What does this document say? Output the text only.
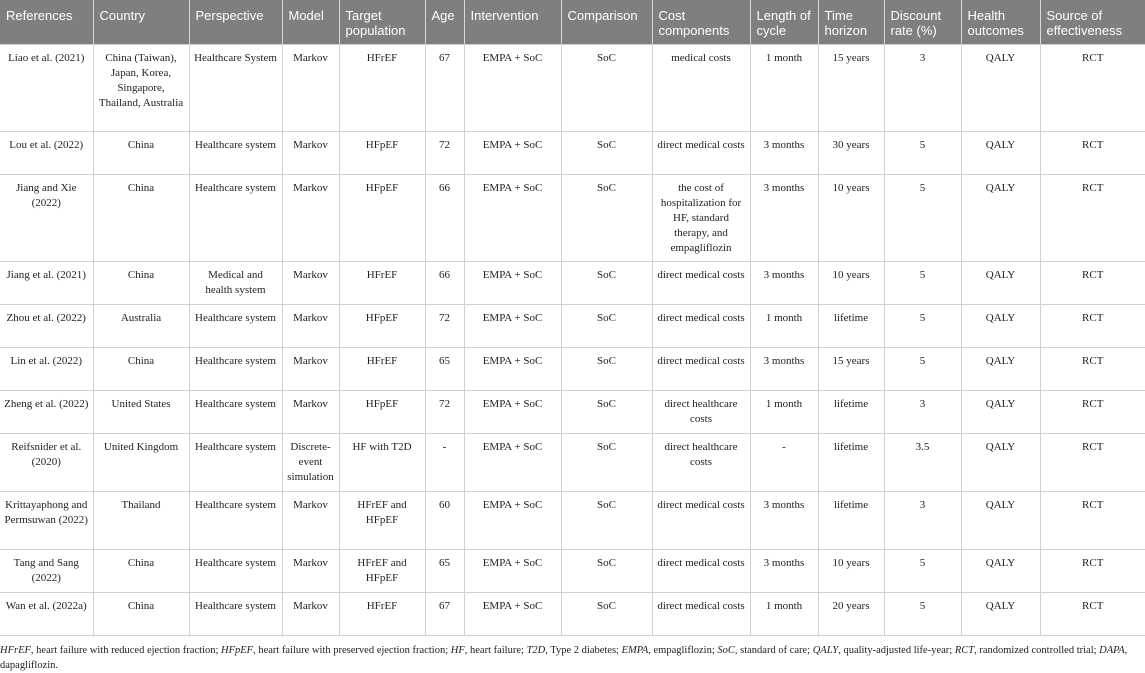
References	Country	Perspective	Model	Target population	Age	Intervention	Comparison	Cost components	Length of cycle	Time horizon	Discount rate (%)	Health outcomes	Source of effectiveness
Liao et al. (2021)	China (Taiwan), Japan, Korea, Singapore, Thailand, Australia	Healthcare System	Markov	HFrEF	67	EMPA + SoC	SoC	medical costs	1 month	15 years	3	QALY	RCT
Lou et al. (2022)	China	Healthcare system	Markov	HFpEF	72	EMPA + SoC	SoC	direct medical costs	3 months	30 years	5	QALY	RCT
Jiang and Xie (2022)	China	Healthcare system	Markov	HFpEF	66	EMPA + SoC	SoC	the cost of hospitalization for HF, standard therapy, and empagliflozin	3 months	10 years	5	QALY	RCT
Jiang et al. (2021)	China	Medical and health system	Markov	HFrEF	66	EMPA + SoC	SoC	direct medical costs	3 months	10 years	5	QALY	RCT
Zhou et al. (2022)	Australia	Healthcare system	Markov	HFpEF	72	EMPA + SoC	SoC	direct medical costs	1 month	lifetime	5	QALY	RCT
Lin et al. (2022)	China	Healthcare system	Markov	HFrEF	65	EMPA + SoC	SoC	direct medical costs	3 months	15 years	5	QALY	RCT
Zheng et al. (2022)	United States	Healthcare system	Markov	HFpEF	72	EMPA + SoC	SoC	direct healthcare costs	1 month	lifetime	3	QALY	RCT
Reifsnider et al. (2020)	United Kingdom	Healthcare system	Discrete-event simulation	HF with T2D	-	EMPA + SoC	SoC	direct healthcare costs	-	lifetime	3.5	QALY	RCT
Krittayaphong and Permsuwan (2022)	Thailand	Healthcare system	Markov	HFrEF and HFpEF	60	EMPA + SoC	SoC	direct medical costs	3 months	lifetime	3	QALY	RCT
Tang and Sang (2022)	China	Healthcare system	Markov	HFrEF and HFpEF	65	EMPA + SoC	SoC	direct medical costs	3 months	10 years	5	QALY	RCT
Wan et al. (2022a)	China	Healthcare system	Markov	HFrEF	67	EMPA + SoC	SoC	direct medical costs	1 month	20 years	5	QALY	RCT
HFrEF, heart failure with reduced ejection fraction; HFpEF, heart failure with preserved ejection fraction; HF, heart failure; T2D, Type 2 diabetes; EMPA, empagliflozin; SoC, standard of care; QALY, quality-adjusted life-year; RCT, randomized controlled trial; DAPA, dapagliflozin.
